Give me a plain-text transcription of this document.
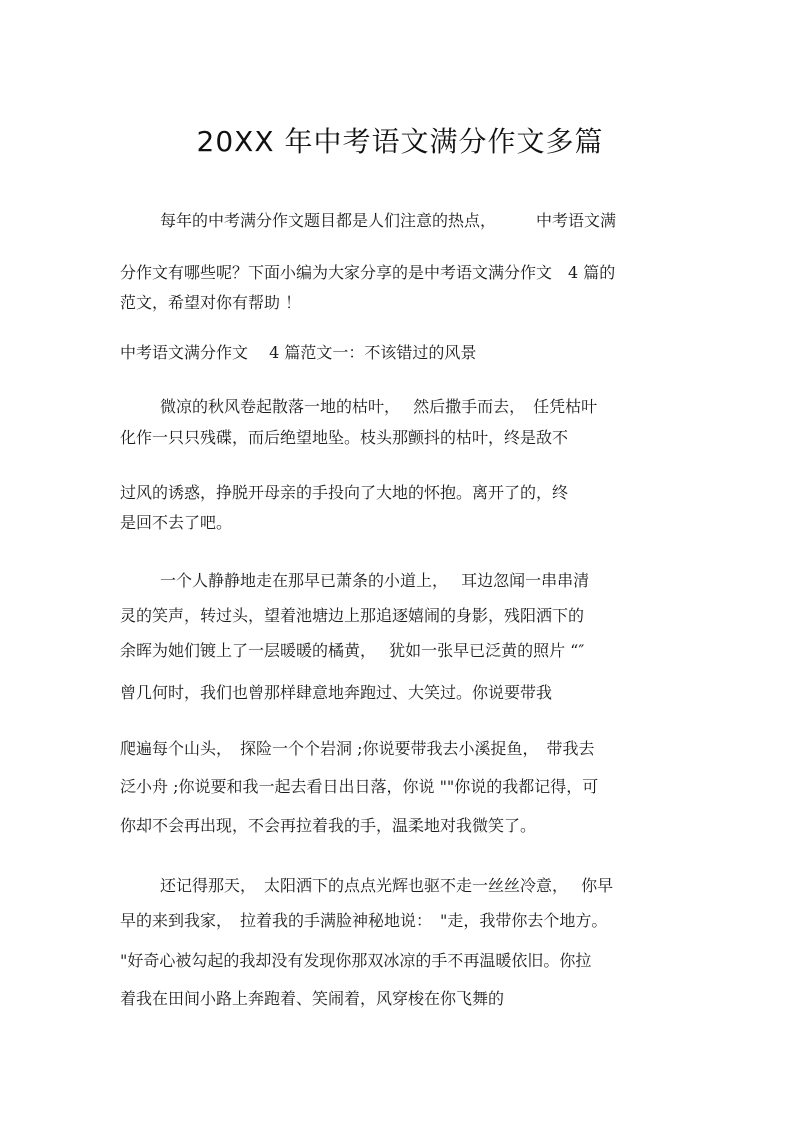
20XX 年中考语文满分作文多篇
每年的中考满分作文题目都是人们注意的热点，　　　中考语文满
分作文有哪些呢？下面小编为大家分享的是中考语文满分作文　4 篇的
范文，希望对你有帮助 ！
中考语文满分作文　 4 篇范文一：不该错过的风景
微凉的秋风卷起散落一地的枯叶，　 然后撒手而去，　任凭枯叶
化作一只只残碟，而后绝望地坠。枝头那颤抖的枯叶，终是敌不
过风的诱惑，挣脱开母亲的手投向了大地的怀抱。离开了的，终
是回不去了吧。
一个人静静地走在那早已萧条的小道上，　 耳边忽闻一串串清
灵的笑声，转过头，望着池塘边上那追逐嬉闹的身影，残阳洒下的
余晖为她们镀上了一层暖暖的橘黄，　 犹如一张早已泛黄的照片 “″
曾几何时，我们也曾那样肆意地奔跑过、大笑过。你说要带我
爬遍每个山头，　探险一个个岩洞 ;你说要带我去小溪捉鱼，　带我去
泛小舟 ;你说要和我一起去看日出日落，你说 ""你说的我都记得，可
你却不会再出现，不会再拉着我的手，温柔地对我微笑了。
还记得那天，　太阳洒下的点点光辉也驱不走一丝丝冷意，　 你早
早的来到我家，　拉着我的手满脸神秘地说：　"走，我带你去个地方。
"好奇心被勾起的我却没有发现你那双冰凉的手不再温暖依旧。你拉
着我在田间小路上奔跑着、笑闹着，风穿梭在你飞舞的
